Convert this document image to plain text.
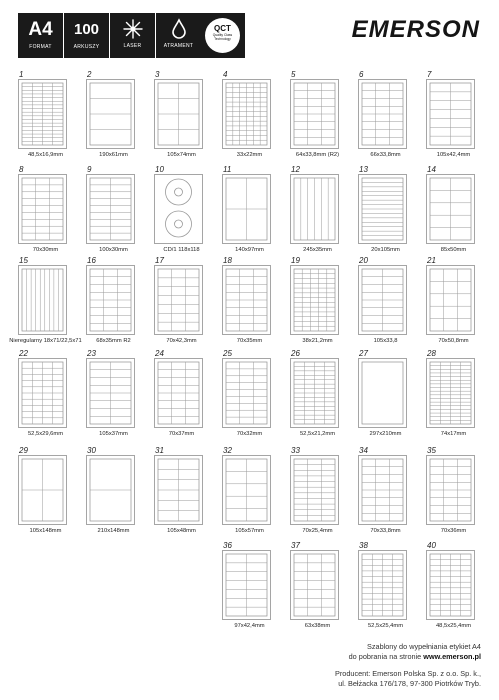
A4
FORMAT
100
ARKUSZY	LASER	ATRAMENT
QCT
Quality Class Technology	EMERSON
1
48,5x16,9mm
2
190x61mm
3
105x74mm
4
33x22mm
5
64x33,8mm (R2)
6
66x33,8mm
7
105x42,4mm
8
70x30mm
9
100x30mm
10
CD/1 118x118
11
140x97mm
12
245x35mm
13
20x105mm
14
85x50mm
15
Nieregularny 18x71/22,5x71
16
68x35mm R2
17
70x42,3mm
18
70x35mm
19
38x21,2mm
20
105x33,8
21
70x50,8mm
22
52,5x29,6mm
23
105x37mm
24
70x37mm
25
70x32mm
26
52,5x21,2mm
27
297x210mm
28
74x17mm
29
105x148mm
30
210x148mm
31
105x48mm
32
105x57mm
33
70x25,4mm
34
70x33,8mm
35
70x36mm
36
97x42,4mm
37
63x38mm
38
52,5x25,4mm
40
48,5x25,4mm
Szablony do wypełniania etykiet A4

do pobrania na stronie www.emerson.pl
Producent: Emerson Polska Sp. z o.o. Sp. k.,
ul. Bełżacka 176/178, 97-300 Piotrków Tryb.
